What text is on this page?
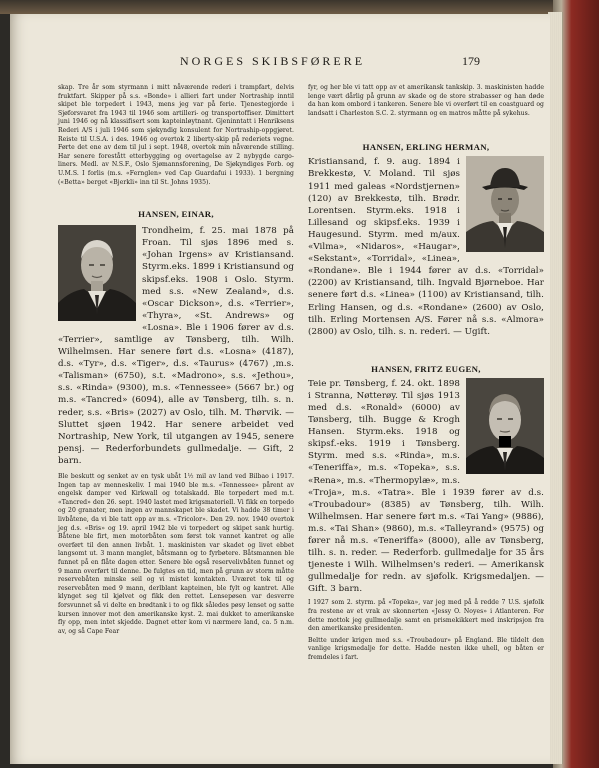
NORGES SKIBSFØRERE	179

skap. Tre år som styrmann i mitt nåværende rederi i trampfart, delvis fruktfart. Skipper på s.s. «Bonde» i allieri fart under Nortraship inntil skipet ble torpedert i 1943, mens jeg var på ferie. Tjenestegjorde i Sjøforsvaret fra 1943 til 1946 som artilleri- og transportoffiser. Dimittert juni 1946 og nå klassifisert som kapteinløytnant. Gjeninntatt i Henriksens Rederi A/S i juli 1946 som sjøkyndig konsulent for Nortraship-oppgjøret. Reiste til U.S.A. i des. 1946 og overtok 2 liberty-skip på rederiets vegne. Førte det ene av dem til jul i sept. 1948, overtok min nåværende stilling. Har senere forestått etterbygging og overtagelse av 2 nybygde cargo-liners. Medl. av N.S.F., Oslo Sjømannsforening, De Sjøkyndiges Forb. og U.M.S. I forlis (m.s. «Fernglen» ved Cap Guardafui i 1933). 1 bergning («Betta» berget «Bjerkli» inn til St. Johns 1935).

HANSEN, EINAR,

Trondheim, f. 25. mai 1878 på Froan. Til sjøs 1896 med s. «Johan Irgens» av Kristiansand. Styrm.eks. 1899 i Kristiansund og skipsf.eks. 1908 i Oslo. Styrm. med s.s. «New Zealand», d.s. «Oscar Dickson», d.s. «Terrier», «Thyra», «St. Andrews» og «Losna». Ble i 1906 fører av d.s. «Terrier», samtlige av Tønsberg, tilh. Wilh. Wilhelmsen. Har senere ført d.s. «Losna» (4187), d.s. «Tyr», d.s. «Tiger», d.s. «Taurus» (4767) ,m.s. «Talisman» (6750), s.t. «Madrono», s.s. «Jethou», s.s. «Rinda» (9300), m.s. «Tennessee» (5667 br.) og m.s. «Tancred» (6094), alle av Tønsberg, tilh. s. n. reder, s.s. «Bris» (2027) av Oslo, tilh. M. Thørvik. — Sluttet sjøen 1942. Har senere arbeidet ved Nortraship, New York, til utgangen av 1945, senere pensj. — Rederforbundets gullmedalje. — Gift, 2 barn.

Ble beskutt og senket av en tysk ubåt 1½ mil av land ved Bilbao i 1917. Ingen tap av menneskeliv. I mai 1940 ble m.s. «Tennessee» pårent av engelsk damper ved Kirkwall og totalskadd. Ble torpedert med m.t. «Tancred» den 26. sept. 1940 lastet med krigsmateriell. Vi fikk en torpedo og 20 granater, men ingen av mannskapet ble skadet. Vi hadde 38 timer i livbåtene, da vi ble tatt opp av m.s. «Tricolor». Den 29. nov. 1940 overtok jeg d.s. «Bris» og 19. april 1942 ble vi torpedert og skipet sank hurtig. Båtene ble firt, men motorbåten som først tok vannet kantret og alle overført til den annen livbåt. 1. maskinisten var skadet og livet ebbet langsomt ut. 3 mann manglet, båtsmann og to fyrbøtere. Båtsmannen ble funnet på en flåte dagen etter. Senere ble også reservelivbåten funnet og 9 mann overført til denne. De fulgtes en tid, men på grunn av storm måtte reservebåten minske seil og vi mistet kontakten. Uværet tok til og reservebåten med 9 mann, derlblant kapteinen, ble fylt og kantret. Alle klynget seg til kjølvet og fikk den rettet. Lensepøsen var desverre forsvunnet så vi delte en brødtank i to og fikk således pøsy lenset og satte kursen innover mot den amerikanske kyst. 2. mai dukket to amerikanske fly opp, men intet skjedde. Dagnet etter kom vi nærmere land, ca. 5 n.m. av, og så Cape Fear

fyr, og her ble vi tatt opp av et amerikansk tankskip. 3. maskinisten hadde lenge vært dårlig på grunn av skade og de store strabasser og han døde da han kom ombord i tankeren. Senere ble vi overført til en coastguard og landsatt i Charleston S.C. 2. styrmann og en matros måtte på sykehus.

HANSEN, ERLING HERMAN,

Kristiansand, f. 9. aug. 1894 i Brekkestø, V. Moland. Til sjøs 1911 med galeas «Nordstjernen» (120) av Brekkestø, tilh. Brødr. Lorentsen. Styrm.eks. 1918 i Lillesand og skipsf.eks. 1939 i Haugesund. Styrm. med m/aux. «Vilma», «Nidaros», «Haugar», «Sekstant», «Torridal», «Linea», «Rondane». Ble i 1944 fører av d.s. «Torridal» (2200) av Kristiansand, tilh. Ingvald Bjørneboe. Har senere ført d.s. «Linea» (1100) av Kristiansand, tilh. Erling Hansen, og d.s. «Rondane» (2600) av Oslo, tilh. Erling Mortensen A/S. Fører nå s.s. «Almora» (2800) av Oslo, tilh. s. n. rederi. — Ugift.

HANSEN, FRITZ EUGEN,

Teie pr. Tønsberg, f. 24. okt. 1898 i Stranna, Nøtterøy. Til sjøs 1913 med d.s. «Ronald» (6000) av Tønsberg, tilh. Bugge & Krogh Hansen. Styrm.eks. 1918 og skipsf.-eks. 1919 i Tønsberg. Styrm. med s.s. «Rinda», m.s. «Teneriffa», m.s. «Topeka», s.s. «Rena», m.s. «Thermopylæ», m.s. «Troja», m.s. «Tatra». Ble i 1939 fører av d.s. «Troubadour» (8385) av Tønsberg, tilh. Wilh. Wilhelmsen. Har senere ført m.s. «Tai Yang» (9886), m.s. «Tai Shan» (9860), m.s. «Talleyrand» (9575) og fører nå m.s. «Teneriffa» (8000), alle av Tønsberg, tilh. s. n. reder. — Rederforb. gullmedalje for 35 års tjeneste i Wilh. Wilhelmsen's rederi. — Amerikansk gullmedalje for redn. av sjøfolk. Krigsmedaljen. — Gift. 3 barn.

I 1927 som 2. styrm. på «Topeka», var jeg med på å redde 7 U.S. sjøfolk fra restene av et vrak av skonnerten «Jessy O. Noyes» i Atlanteren. For dette mottok jeg gullmedalje samt en prismekikkert med inskripsjon fra den amerikanske presidenten.

Beltte under krigen med s.s. «Troubadour» på England. Ble tildelt den vanlige krigsmedalje for dette. Hadde nesten ikke uhell, og båten er fremdeles i fart.
